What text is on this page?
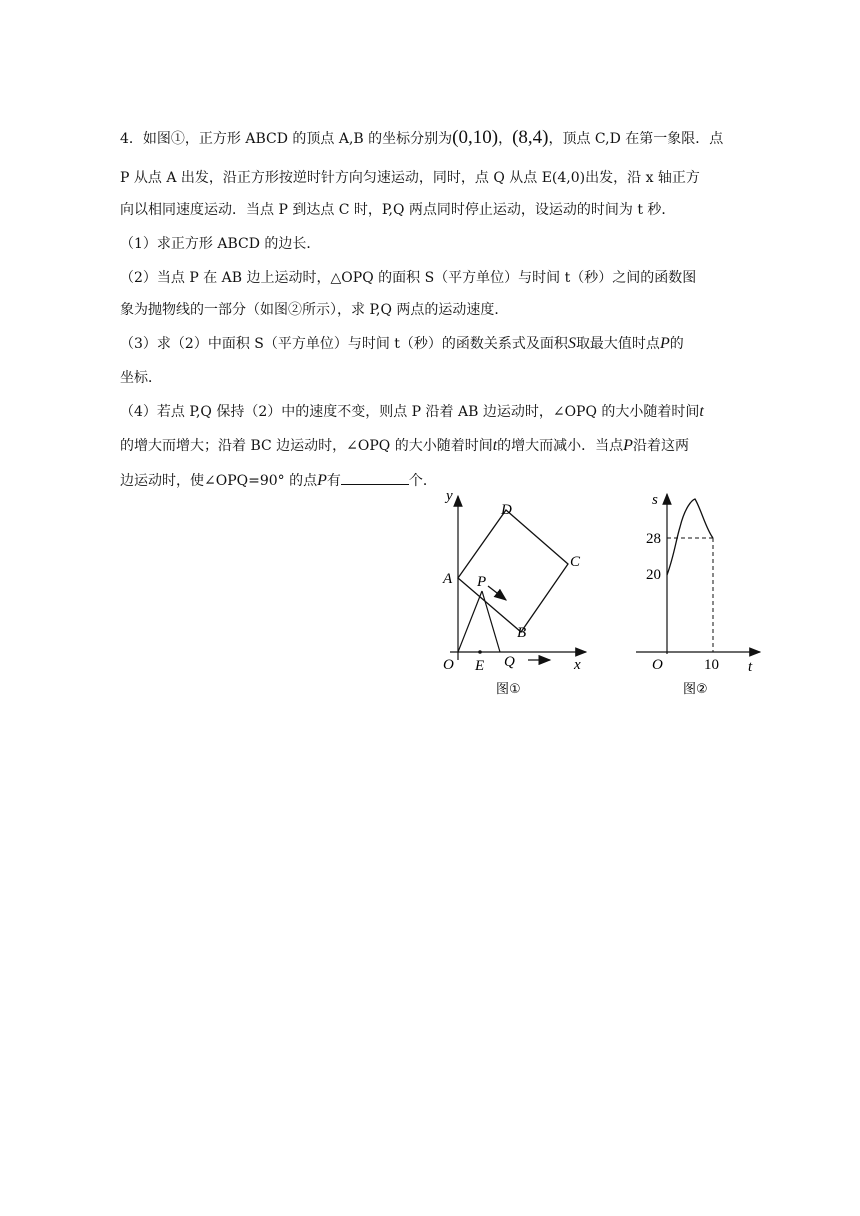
4．如图①，正方形 ABCD 的顶点 A,B 的坐标分别为(0,10)，(8,4)，顶点 C,D 在第一象限．点
P 从点 A 出发，沿正方形按逆时针方向匀速运动，同时，点 Q 从点 E(4,0)出发，沿 x 轴正方
向以相同速度运动．当点 P 到达点 C 时，P,Q 两点同时停止运动，设运动的时间为 t 秒．
（1）求正方形 ABCD 的边长．
（2）当点 P 在 AB 边上运动时，△OPQ 的面积 S（平方单位）与时间 t（秒）之间的函数图
象为抛物线的一部分（如图②所示），求 P,Q 两点的运动速度．
（3）求（2）中面积 S（平方单位）与时间 t（秒）的函数关系式及面积S取最大值时点P的
坐标．
（4）若点 P,Q 保持（2）中的速度不变，则点 P 沿着 AB 边运动时，∠OPQ 的大小随着时间t
的增大而增大；沿着 BC 边运动时，∠OPQ 的大小随着时间t的增大而减小．当点P沿着这两
边运动时，使∠OPQ=90° 的点P有	个．
y
x
O
A
B
C
D
P
E Q
图①
s
t
O
28
20
10
图②
